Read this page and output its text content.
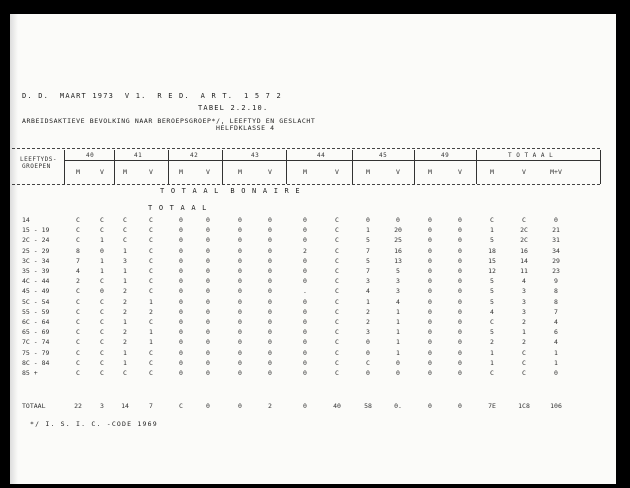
D. D.  MAART 1973  V 1.  R E D.  A R T.  1 5 7 2
TABEL 2.2.10.
ARBEIDSAKTIEVE BEVOLKING NAAR BEROEPSGROEP*/, LEEFTYD EN GESLACHT
HELFDKLASSE 4
LEEFTYDS-
GROEPEN
40	41	42	43	44	45	49	T O T A A L
M	V	M	V	M	V	M	V	M	V	M	V	M	V	M	V	M+V
T O T A A L  B O N A I R E
T O T A A L
14	C	C	C	C	0	0	0	0	0	C	0	0	0	0	C	C	0
15 - 19	C	C	C	C	0	0	0	0	0	C	1	20	0	0	1	2C	21
2C - 24	C	1	C	C	0	0	0	0	0	C	5	25	0	0	5	2C	31
25 - 29	8	0	1	C	0	0	0	0	2	C	7	16	0	0	18	16	34
3C - 34	7	1	3	C	0	0	0	0	0	C	5	13	0	0	15	14	29
35 - 39	4	1	1	C	0	0	0	0	0	C	7	5	0	0	12	11	23
4C - 44	2	C	1	C	0	0	0	0	0	C	3	3	0	0	5	4	9
45 - 49	C	0	2	C	0	0	0	0	.	C	4	3	0	0	5	3	8
5C - 54	C	C	2	1	0	0	0	0	0	C	1	4	0	0	5	3	8
55 - 59	C	C	2	2	0	0	0	0	0	C	2	1	0	0	4	3	7
6C - 64	C	C	1	C	0	0	0	0	0	C	2	1	0	0	C	2	4
65 - 69	C	C	2	1	0	0	0	0	0	C	3	1	0	0	5	1	6
7C - 74	C	C	2	1	0	0	0	0	0	C	0	1	0	0	2	2	4
75 - 79	C	C	1	C	0	0	0	0	0	C	0	1	0	0	1	C	1
8C - 84	C	C	1	C	0	0	0	0	0	C	C	0	0	0	1	C	1
85 +	C	C	C	C	0	0	0	0	0	C	0	0	0	0	C	C	0
TOTAAL	22	3	14	7	C	0	0	2	0	40	58	0.	0	0	7E	1C8	106
*/ I. S. I. C. -CODE 1969
